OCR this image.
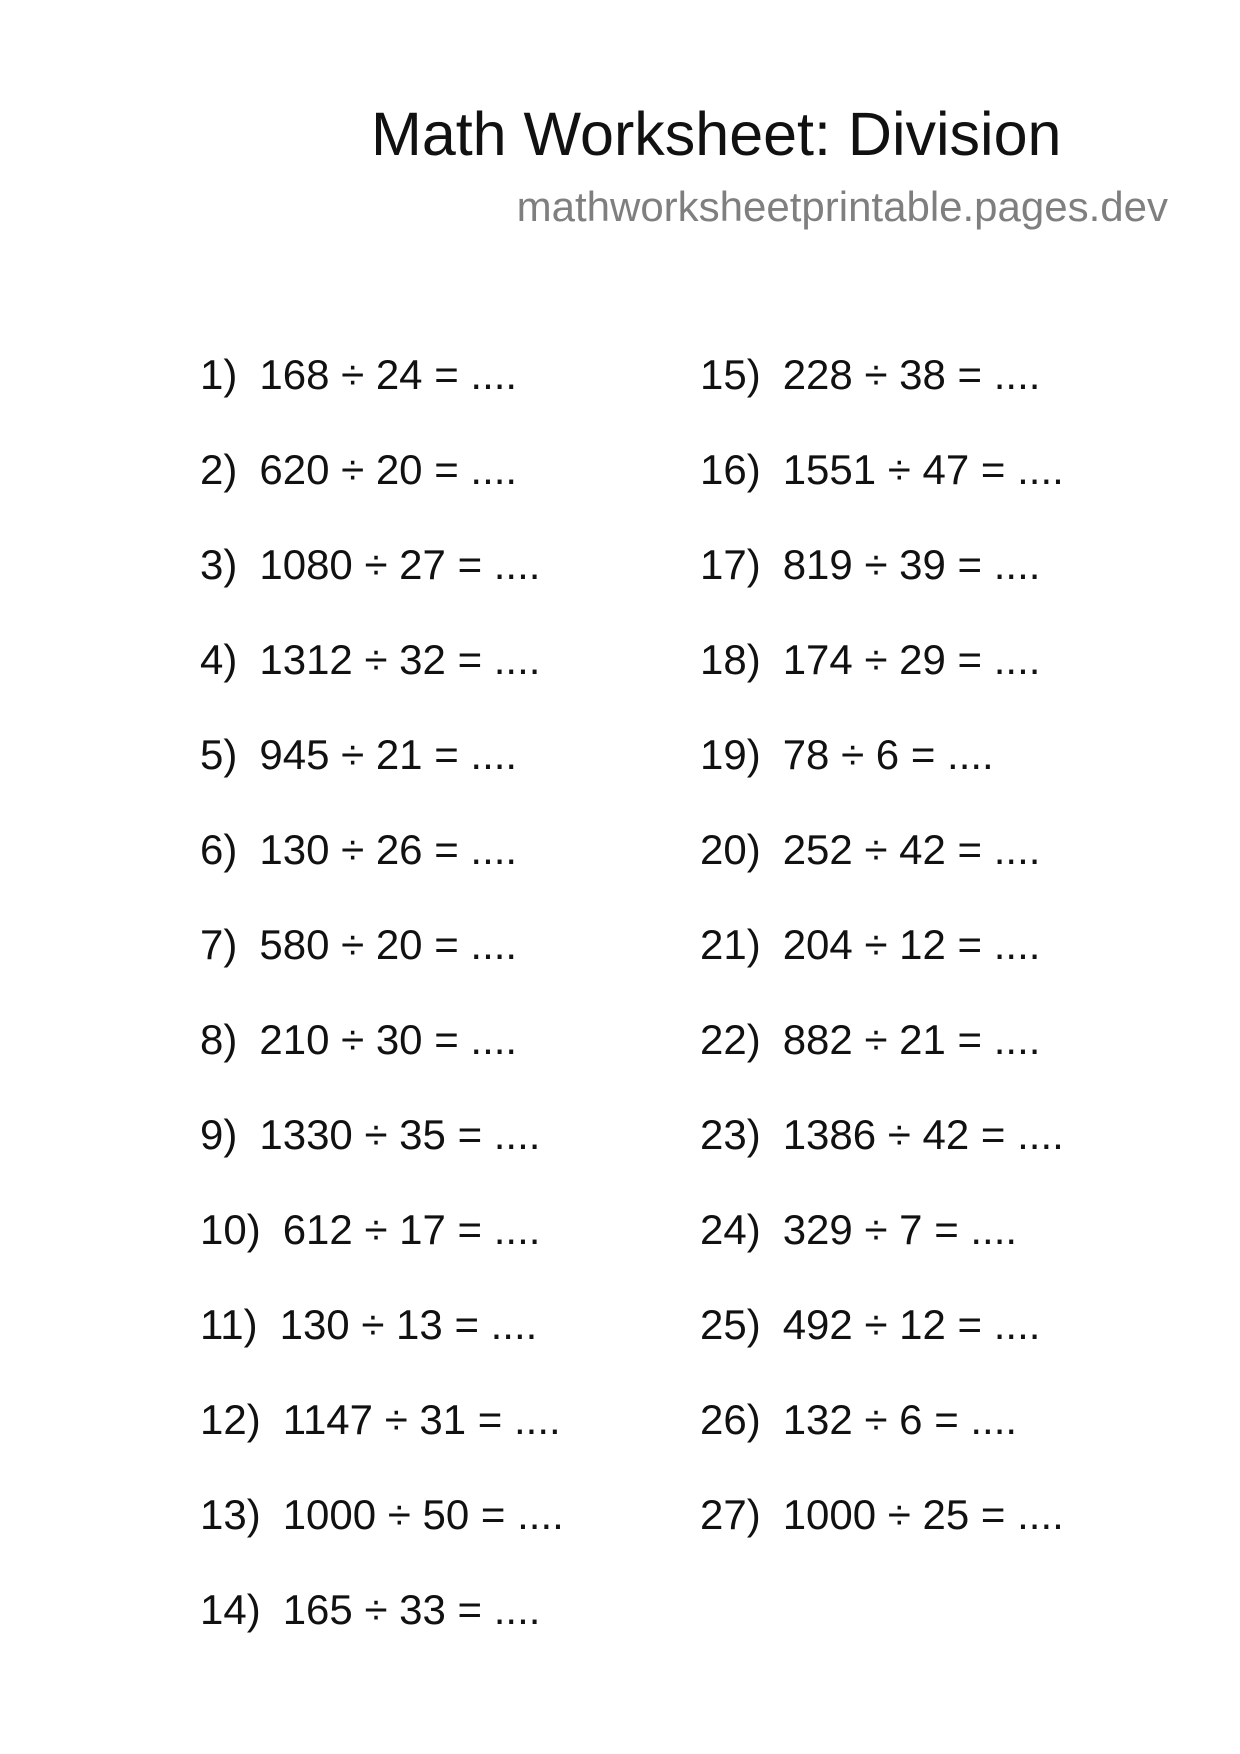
Math Worksheet: Division
mathworksheetprintable.pages.dev
1) 168 ÷ 24 = ....
2) 620 ÷ 20 = ....
3) 1080 ÷ 27 = ....
4) 1312 ÷ 32 = ....
5) 945 ÷ 21 = ....
6) 130 ÷ 26 = ....
7) 580 ÷ 20 = ....
8) 210 ÷ 30 = ....
9) 1330 ÷ 35 = ....
10) 612 ÷ 17 = ....
11) 130 ÷ 13 = ....
12) 1147 ÷ 31 = ....
13) 1000 ÷ 50 = ....
14) 165 ÷ 33 = ....
15) 228 ÷ 38 = ....
16) 1551 ÷ 47 = ....
17) 819 ÷ 39 = ....
18) 174 ÷ 29 = ....
19) 78 ÷ 6 = ....
20) 252 ÷ 42 = ....
21) 204 ÷ 12 = ....
22) 882 ÷ 21 = ....
23) 1386 ÷ 42 = ....
24) 329 ÷ 7 = ....
25) 492 ÷ 12 = ....
26) 132 ÷ 6 = ....
27) 1000 ÷ 25 = ....
